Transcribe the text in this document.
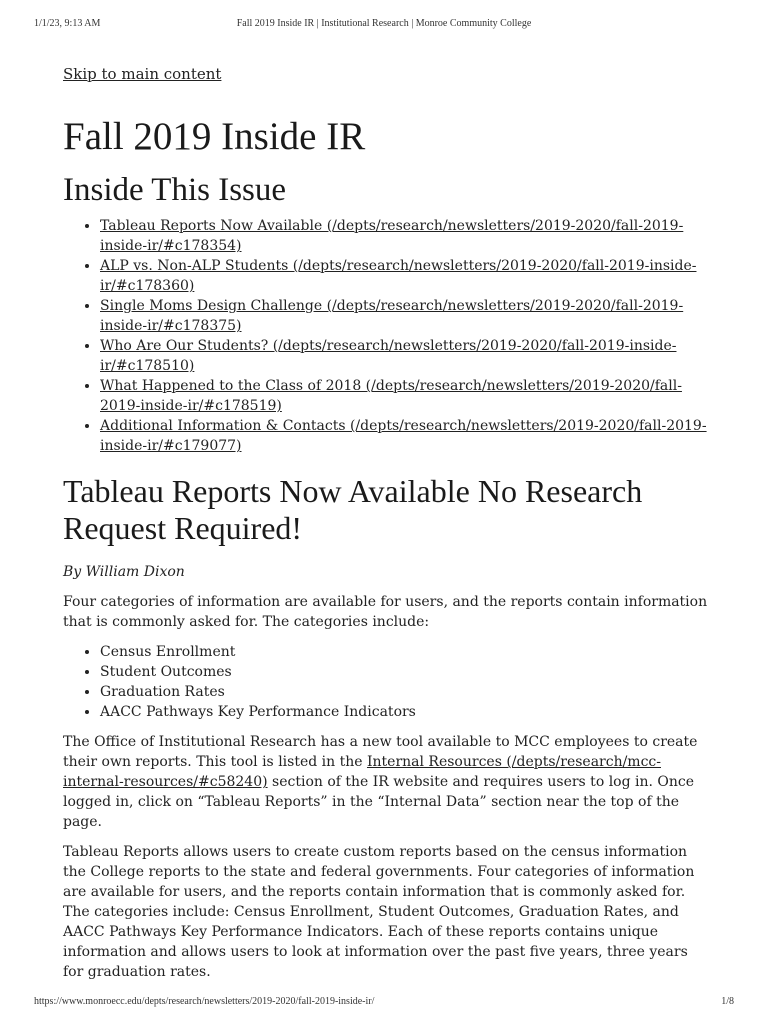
1/1/23, 9:13 AM	Fall 2019 Inside IR | Institutional Research | Monroe Community College
Skip to main content
Fall 2019 Inside IR
Inside This Issue
• Tableau Reports Now Available (/depts/research/newsletters/2019-2020/fall-2019-inside-ir/#c178354)
• ALP vs. Non-ALP Students (/depts/research/newsletters/2019-2020/fall-2019-inside-ir/#c178360)
• Single Moms Design Challenge (/depts/research/newsletters/2019-2020/fall-2019-inside-ir/#c178375)
• Who Are Our Students? (/depts/research/newsletters/2019-2020/fall-2019-inside-ir/#c178510)
• What Happened to the Class of 2018 (/depts/research/newsletters/2019-2020/fall-2019-inside-ir/#c178519)
• Additional Information & Contacts (/depts/research/newsletters/2019-2020/fall-2019-inside-ir/#c179077)
Tableau Reports Now Available No Research Request Required!

By William Dixon

Four categories of information are available for users, and the reports contain information that is commonly asked for. The categories include:

• Census Enrollment
• Student Outcomes
• Graduation Rates
• AACC Pathways Key Performance Indicators

The Office of Institutional Research has a new tool available to MCC employees to create their own reports. This tool is listed in the Internal Resources (/depts/research/mcc-internal-resources/#c58240) section of the IR website and requires users to log in. Once logged in, click on “Tableau Reports” in the “Internal Data” section near the top of the page.

Tableau Reports allows users to create custom reports based on the census information the College reports to the state and federal governments. Four categories of information are available for users, and the reports contain information that is commonly asked for. The categories include: Census Enrollment, Student Outcomes, Graduation Rates, and AACC Pathways Key Performance Indicators. Each of these reports contains unique information and allows users to look at information over the past five years, three years for graduation rates.

https://www.monroecc.edu/depts/research/newsletters/2019-2020/fall-2019-inside-ir/	1/8
